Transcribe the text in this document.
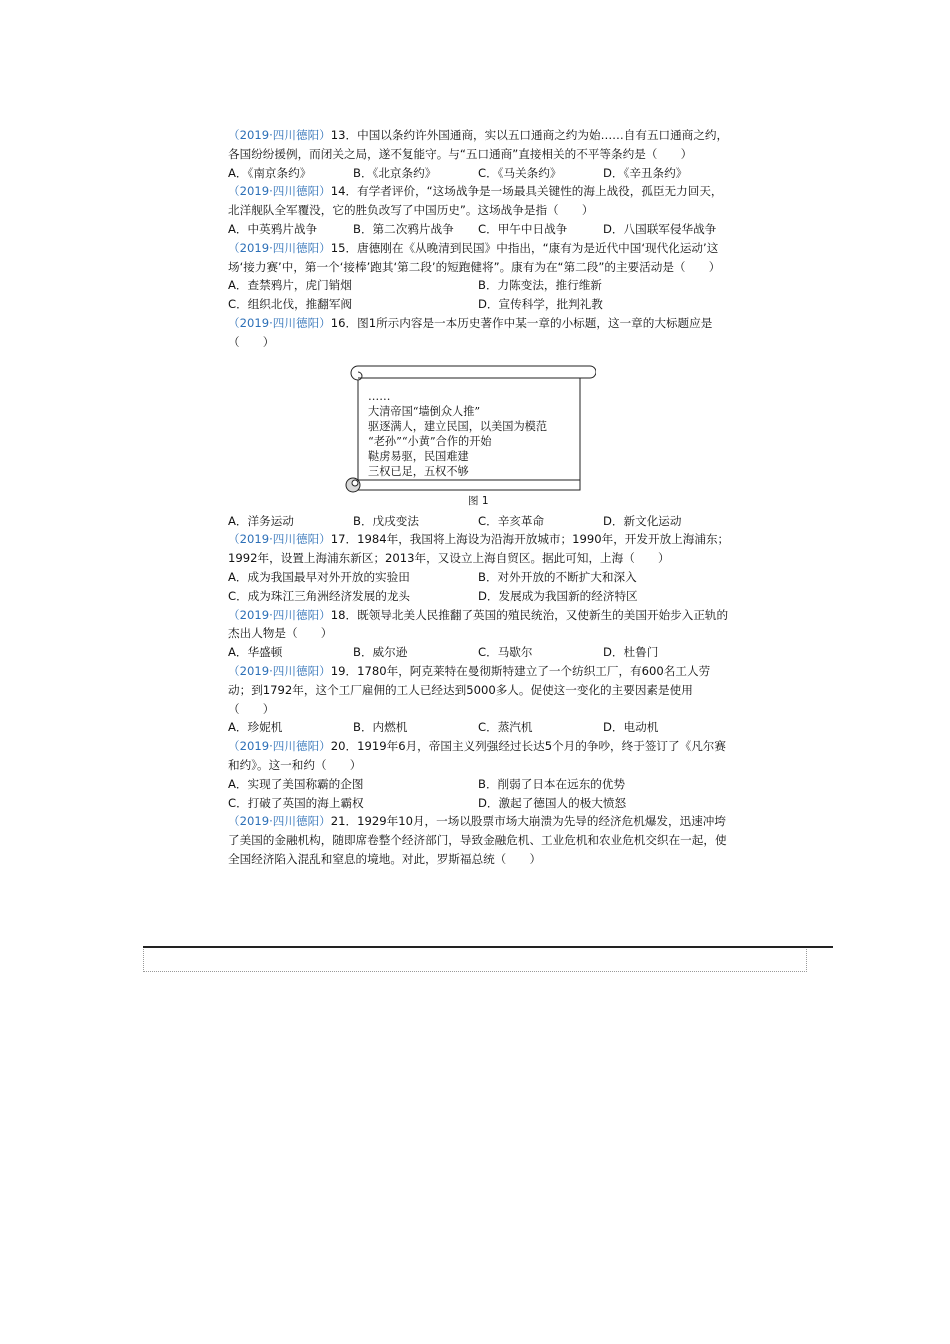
（2019·四川德阳）13．中国以条约许外国通商，实以五口通商之约为始……自有五口通商之约，各国纷纷援例，而闭关之局，遂不复能守。与“五口通商”直接相关的不平等条约是（　　）

A．《南京条约》	B．《北京条约》	C．《马关条约》	D．《辛丑条约》

（2019·四川德阳）14．有学者评价，“这场战争是一场最具关键性的海上战役，孤臣无力回天，北洋舰队全军覆没，它的胜负改写了中国历史”。这场战争是指（　　）

A．中英鸦片战争	B．第二次鸦片战争	C．甲午中日战争	D．八国联军侵华战争

（2019·四川德阳）15．唐德刚在《从晚清到民国》中指出，“康有为是近代中国‘现代化运动’这场‘接力赛’中，第一个‘接棒’跑其‘第二段’的短跑健将”。康有为在“第二段”的主要活动是（　　）

A．查禁鸦片，虎门销烟	B．力陈变法，推行维新
C．组织北伐，推翻军阀	D．宣传科学，批判礼教

（2019·四川德阳）16．图1所示内容是一本历史著作中某一章的小标题，这一章的大标题应是（　　）

……
大清帝国“墙倒众人推”
驱逐满人，建立民国，以美国为模范
“老孙”“小黄”合作的开始
鞑虏易驱，民国难建
三权已足，五权不够
图 1
A．洋务运动	B．戊戌变法	C．辛亥革命	D．新文化运动

（2019·四川德阳）17．1984年，我国将上海设为沿海开放城市；1990年，开发开放上海浦东；1992年，设置上海浦东新区；2013年，又设立上海自贸区。据此可知，上海（　　）

A．成为我国最早对外开放的实验田	B．对外开放的不断扩大和深入
C．成为珠江三角洲经济发展的龙头	D．发展成为我国新的经济特区

（2019·四川德阳）18．既领导北美人民推翻了英国的殖民统治，又使新生的美国开始步入正轨的杰出人物是（　　）

A．华盛顿	B．威尔逊	C．马歇尔	D．杜鲁门

（2019·四川德阳）19．1780年，阿克莱特在曼彻斯特建立了一个纺织工厂，有600名工人劳动；到1792年，这个工厂雇佣的工人已经达到5000多人。促使这一变化的主要因素是使用（　　）

A．珍妮机	B．内燃机	C．蒸汽机	D．电动机

（2019·四川德阳）20．1919年6月，帝国主义列强经过长达5个月的争吵，终于签订了《凡尔赛和约》。这一和约（　　）

A．实现了美国称霸的企图	B．削弱了日本在远东的优势
C．打破了英国的海上霸权	D．激起了德国人的极大愤怒

（2019·四川德阳）21．1929年10月，一场以股票市场大崩溃为先导的经济危机爆发，迅速冲垮了美国的金融机构，随即席卷整个经济部门，导致金融危机、工业危机和农业危机交织在一起，使全国经济陷入混乱和窒息的境地。对此，罗斯福总统（　　）
